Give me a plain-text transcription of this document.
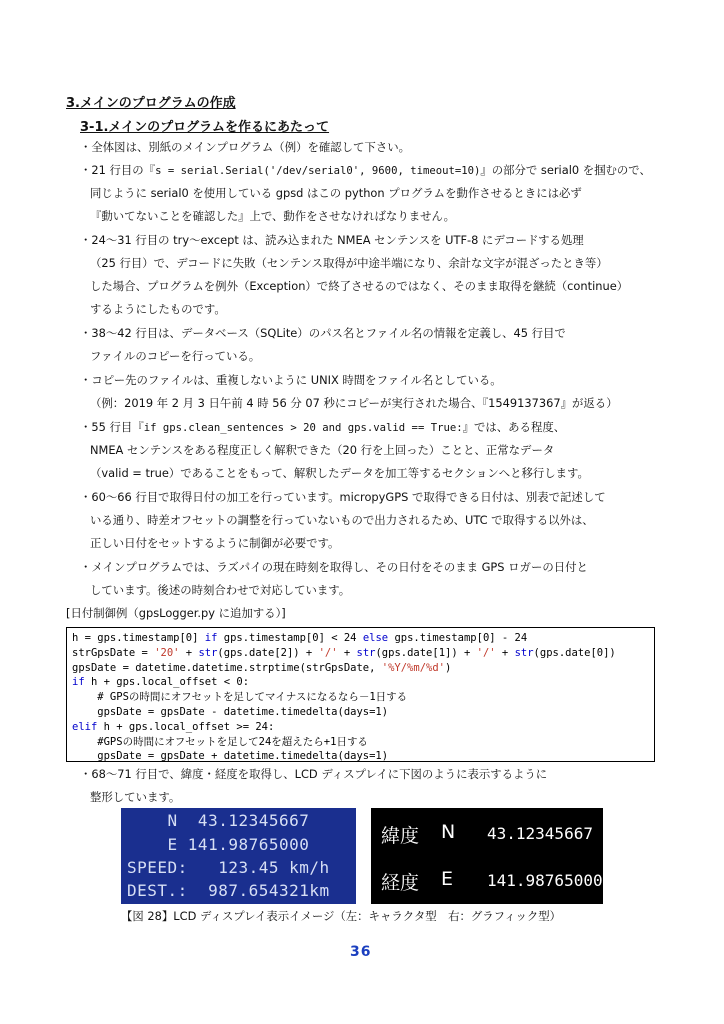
3.メインのプログラムの作成
3-1.メインのプログラムを作るにあたって
・全体図は、別紙のメインプログラム（例）を確認して下さい。
・21 行目の『s = serial.Serial('/dev/serial0', 9600, timeout=10)』の部分で serial0 を掴むので、
同じように serial0 を使用している gpsd はこの python プログラムを動作させるときには必ず
『動いてないことを確認した』上で、動作をさせなければなりません。
・24〜31 行目の try〜except は、読み込まれた NMEA センテンスを UTF-8 にデコードする処理
（25 行目）で、デコードに失敗（センテンス取得が中途半端になり、余計な文字が混ざったとき等）
した場合、プログラムを例外（Exception）で終了させるのではなく、そのまま取得を継続（continue）
するようにしたものです。
・38〜42 行目は、データベース（SQLite）のパス名とファイル名の情報を定義し、45 行目で
ファイルのコピーを行っている。
・コピー先のファイルは、重複しないように UNIX 時間をファイル名としている。
（例：2019 年 2 月 3 日午前 4 時 56 分 07 秒にコピーが実行された場合、『1549137367』が返る）
・55 行目『if gps.clean_sentences > 20 and gps.valid == True:』では、ある程度、
NMEA センテンスをある程度正しく解釈できた（20 行を上回った）ことと、正常なデータ
（valid = true）であることをもって、解釈したデータを加工等するセクションへと移行します。
・60〜66 行目で取得日付の加工を行っています。micropyGPS で取得できる日付は、別表で記述して
いる通り、時差オフセットの調整を行っていないもので出力されるため、UTC で取得する以外は、
正しい日付をセットするように制御が必要です。
・メインプログラムでは、ラズパイの現在時刻を取得し、その日付をそのまま GPS ロガーの日付と
しています。後述の時刻合わせで対応しています。
[日付制御例（gpsLogger.py に追加する）]
h = gps.timestamp[0] if gps.timestamp[0] < 24 else gps.timestamp[0] - 24
strGpsDate = '20' + str(gps.date[2]) + '/' + str(gps.date[1]) + '/' + str(gps.date[0])
gpsDate = datetime.datetime.strptime(strGpsDate, '%Y/%m/%d')
if h + gps.local_offset < 0:
# GPSの時間にオフセットを足してマイナスになるなら－1日する
gpsDate = gpsDate - datetime.timedelta(days=1)
elif h + gps.local_offset >= 24:
#GPSの時間にオフセットを足して24を超えたら+1日する
gpsDate = gpsDate + datetime.timedelta(days=1)
・68〜71 行目で、緯度・経度を取得し、LCD ディスプレイに下図のように表示するように
整形しています。
N  43.12345667
E 141.98765000
SPEED:   123.45 km/h
DEST.:  987.654321km
緯度 N 43.12345667
経度 E 141.98765000
【図 28】LCD ディスプレイ表示イメージ（左：キャラクタ型　右：グラフィック型）
36
